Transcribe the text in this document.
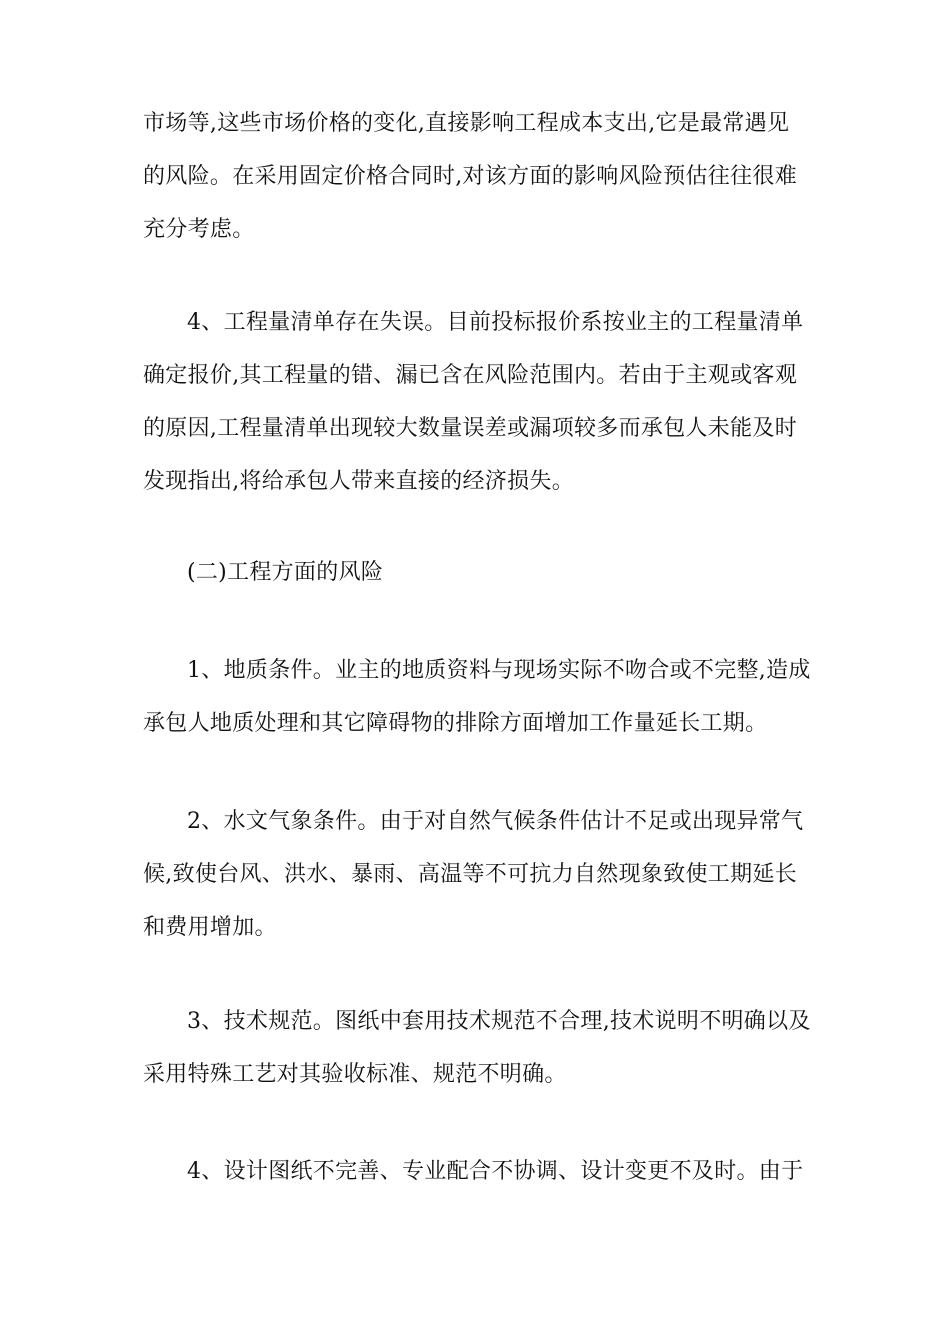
市场等,这些市场价格的变化,直接影响工程成本支出,它是最常遇见
的风险。在采用固定价格合同时,对该方面的影响风险预估往往很难
充分考虑。

4、工程量清单存在失误。目前投标报价系按业主的工程量清单
确定报价,其工程量的错、漏已含在风险范围内。若由于主观或客观
的原因,工程量清单出现较大数量误差或漏项较多而承包人未能及时
发现指出,将给承包人带来直接的经济损失。

(二)工程方面的风险

1、地质条件。业主的地质资料与现场实际不吻合或不完整,造成
承包人地质处理和其它障碍物的排除方面增加工作量延长工期。

2、水文气象条件。由于对自然气候条件估计不足或出现异常气
候,致使台风、洪水、暴雨、高温等不可抗力自然现象致使工期延长
和费用增加。

3、技术规范。图纸中套用技术规范不合理,技术说明不明确以及
采用特殊工艺对其验收标准、规范不明确。

4、设计图纸不完善、专业配合不协调、设计变更不及时。由于
